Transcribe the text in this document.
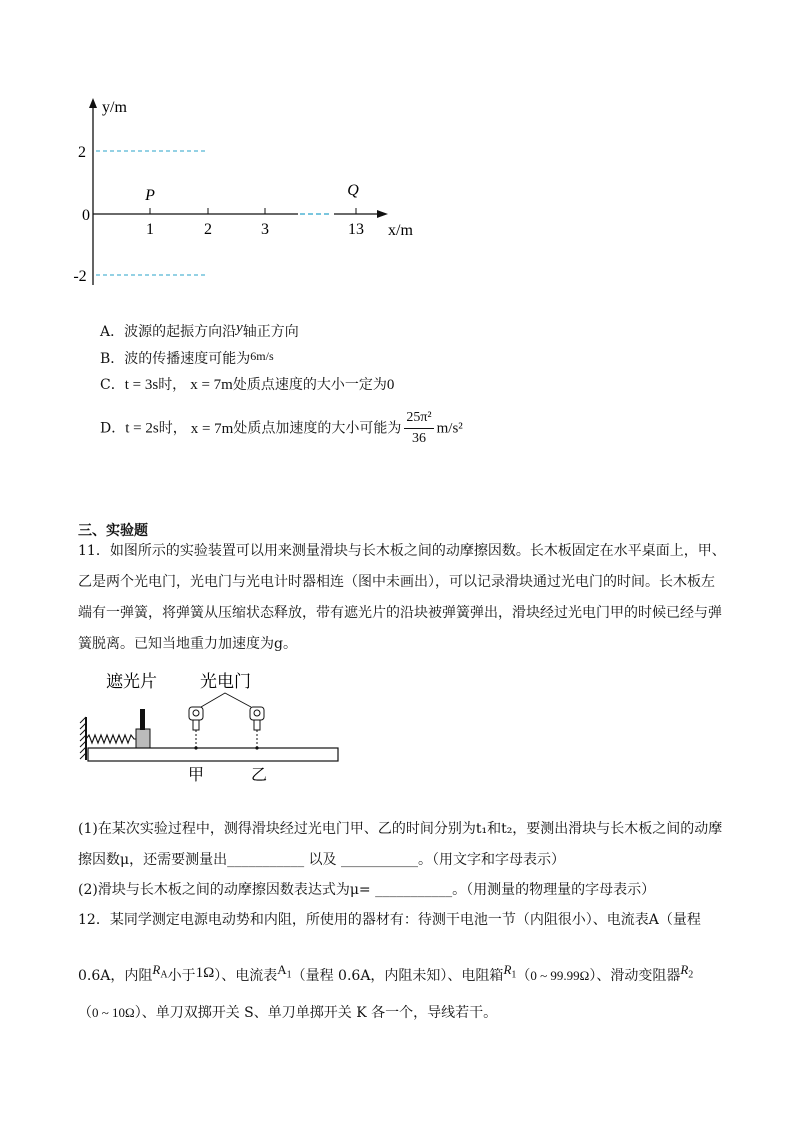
y/m
x/m
2
0
-2
1	2	3	13
P	Q
A．波源的起振方向沿y轴正方向
B．波的传播速度可能为6m/s
C．t = 3s时， x = 7m处质点速度的大小一定为0
D．t = 2s时， x = 7m处质点加速度的大小可能为 $\frac{\text{25π²}}{36} m/s^2$
三、实验题
11．如图所示的实验装置可以用来测量滑块与长木板之间的动摩擦因数。长木板固定在水平桌面上，甲、
乙是两个光电门，光电门与光电计时器相连（图中未画出），可以记录滑块通过光电门的时间。长木板左
端有一弹簧，将弹簧从压缩状态释放，带有遮光片的沿块被弹簧弹出，滑块经过光电门甲的时候已经与弹
簧脱离。已知当地重力加速度为g。
遮光片	光电门
甲	乙
(1)在某次实验过程中，测得滑块经过光电门甲、乙的时间分别为t₁和t₂，要测出滑块与长木板之间的动摩
擦因数μ，还需要测量出___________ 以及 ___________。（用文字和字母表示）
(2)滑块与长木板之间的动摩擦因数表达式为μ= ___________。（用测量的物理量的字母表示）
12．某同学测定电源电动势和内阻，所使用的器材有：待测干电池一节（内阻很小）、电流表A（量程
0.6A，内阻$R_A$小于1Ω）、电流表$A_1$（量程 0.6A，内阻未知）、电阻箱$R_1(0$ ~ 99.99Ω）、滑动变阻器$R_2$
（0 ~ 10Ω）、单刀双掷开关 S、单刀单掷开关 K 各一个，导线若干。
